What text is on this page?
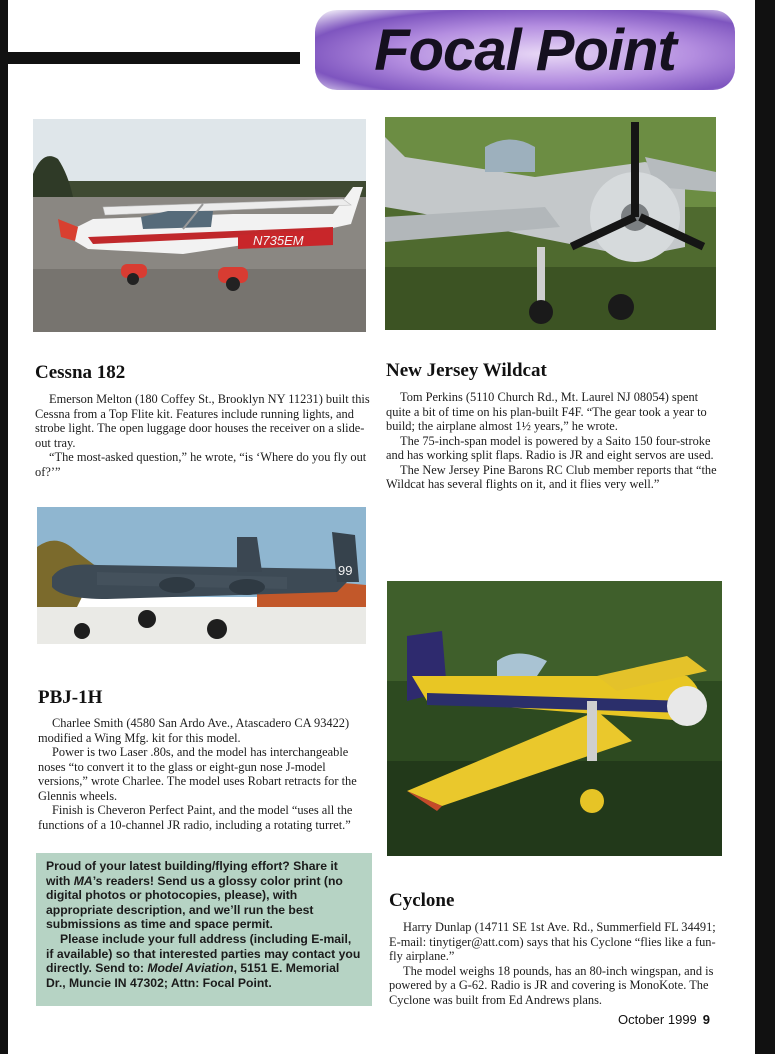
Focal Point
N735EM
99
Cessna 182

Emerson Melton (180 Coffey St., Brooklyn NY 11231) built this Cessna from a Top Flite kit. Features include running lights, and strobe light. The open luggage door houses the receiver on a slide-out tray.

“The most-asked question,” he wrote, “is ‘Where do you fly out of?’”

New Jersey Wildcat

Tom Perkins (5110 Church Rd., Mt. Laurel NJ 08054) spent quite a bit of time on his plan-built F4F. “The gear took a year to build; the airplane almost 1½ years,” he wrote.

The 75-inch-span model is powered by a Saito 150 four-stroke and has working split flaps. Radio is JR and eight servos are used.

The New Jersey Pine Barons RC Club member reports that “the Wildcat has several flights on it, and it flies very well.”

PBJ-1H

Charlee Smith (4580 San Ardo Ave., Atascadero CA 93422) modified a Wing Mfg. kit for this model.

Power is two Laser .80s, and the model has interchangeable noses “to convert it to the glass or eight-gun nose J-model versions,” wrote Charlee. The model uses Robart retracts for the Glennis wheels.

Finish is Cheveron Perfect Paint, and the model “uses all the functions of a 10-channel JR radio, including a rotating turret.”

Cyclone

Harry Dunlap (14711 SE 1st Ave. Rd., Summerfield FL 34491; E-mail: tinytiger@att.com) says that his Cyclone “flies like a fun-fly airplane.”

The model weighs 18 pounds, has an 80-inch wingspan, and is powered by a G-62. Radio is JR and covering is MonoKote. The Cyclone was built from Ed Andrews plans.

Proud of your latest building/flying effort? Share it with MA’s readers! Send us a glossy color print (no digital photos or photocopies, please), with appropriate description, and we’ll run the best submissions as time and space permit.

Please include your full address (including E-mail, if available) so that interested parties may contact you directly. Send to: Model Aviation, 5151 E. Memorial Dr., Muncie IN 47302; Attn: Focal Point.

October 1999 9
